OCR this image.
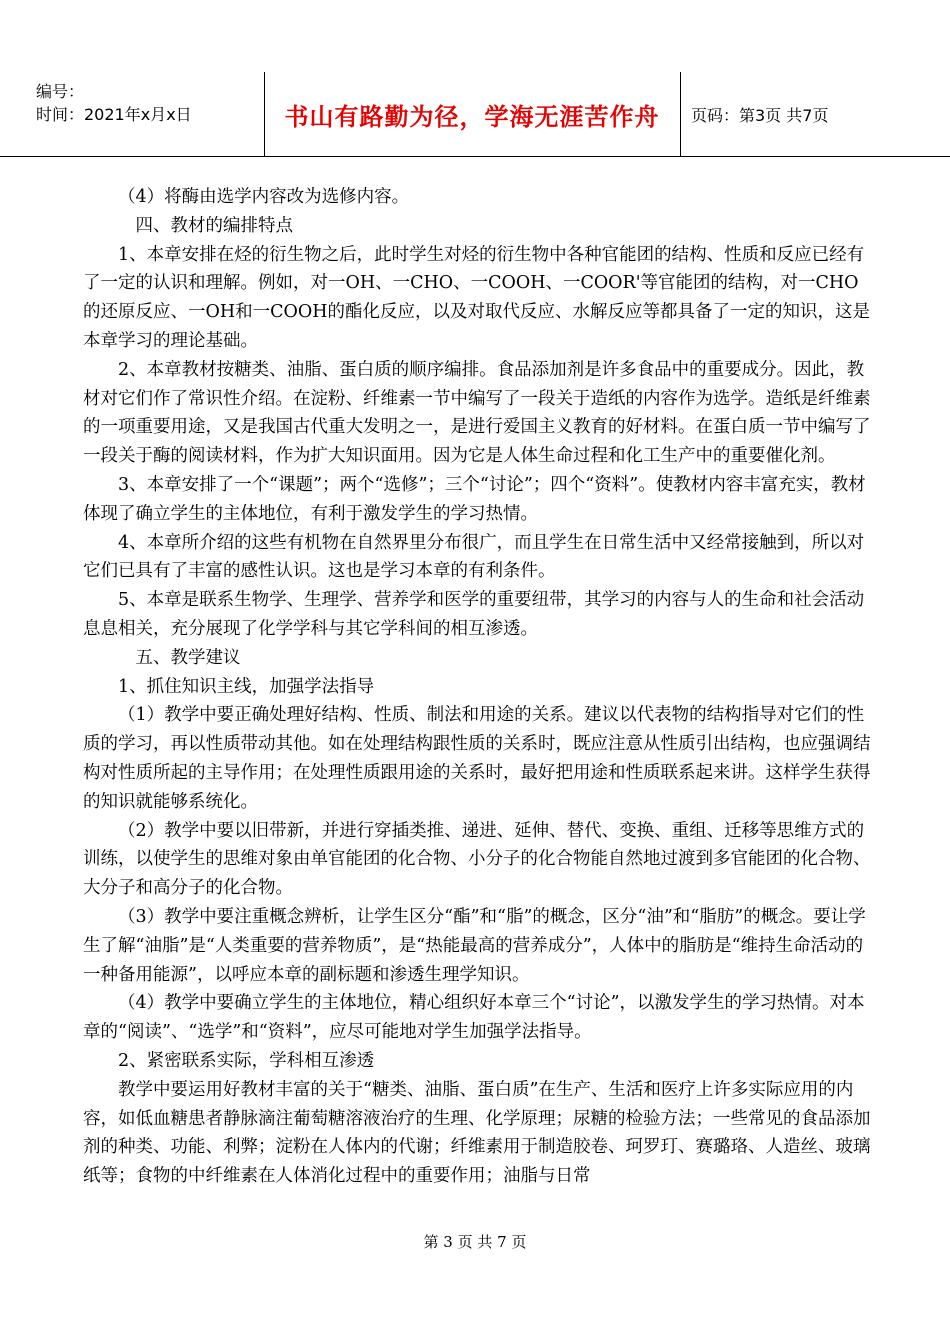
编号：
时间：2021年x月x日	书山有路勤为径，学海无涯苦作舟	页码：第3页 共7页

（4）将酶由选学内容改为选修内容。

四、教材的编排特点

1、本章安排在烃的衍生物之后，此时学生对烃的衍生物中各种官能团的结构、性质和反应已经有了一定的认识和理解。例如，对一OH、一CHO、一COOH、一COOR'等官能团的结构，对一CHO的还原反应、一OH和一COOH的酯化反应，以及对取代反应、水解反应等都具备了一定的知识，这是本章学习的理论基础。

2、本章教材按糖类、油脂、蛋白质的顺序编排。食品添加剂是许多食品中的重要成分。因此，教材对它们作了常识性介绍。在淀粉、纤维素一节中编写了一段关于造纸的内容作为选学。造纸是纤维素的一项重要用途，又是我国古代重大发明之一，是进行爱国主义教育的好材料。在蛋白质一节中编写了一段关于酶的阅读材料，作为扩大知识面用。因为它是人体生命过程和化工生产中的重要催化剂。

3、本章安排了一个“课题”；两个“选修”；三个“讨论”；四个“资料”。使教材内容丰富充实，教材体现了确立学生的主体地位，有利于激发学生的学习热情。

4、本章所介绍的这些有机物在自然界里分布很广，而且学生在日常生活中又经常接触到，所以对它们已具有了丰富的感性认识。这也是学习本章的有利条件。

5、本章是联系生物学、生理学、营养学和医学的重要纽带，其学习的内容与人的生命和社会活动息息相关，充分展现了化学学科与其它学科间的相互渗透。

五、教学建议

1、抓住知识主线，加强学法指导

（1）教学中要正确处理好结构、性质、制法和用途的关系。建议以代表物的结构指导对它们的性质的学习，再以性质带动其他。如在处理结构跟性质的关系时，既应注意从性质引出结构，也应强调结构对性质所起的主导作用；在处理性质跟用途的关系时，最好把用途和性质联系起来讲。这样学生获得的知识就能够系统化。

（2）教学中要以旧带新，并进行穿插类推、递进、延伸、替代、变换、重组、迁移等思维方式的训练，以使学生的思维对象由单官能团的化合物、小分子的化合物能自然地过渡到多官能团的化合物、大分子和高分子的化合物。

（3）教学中要注重概念辨析，让学生区分“酯”和“脂”的概念，区分“油”和“脂肪”的概念。要让学生了解“油脂”是“人类重要的营养物质”，是“热能最高的营养成分”，人体中的脂肪是“维持生命活动的一种备用能源”，以呼应本章的副标题和渗透生理学知识。

（4）教学中要确立学生的主体地位，精心组织好本章三个“讨论”，以激发学生的学习热情。对本章的“阅读”、“选学”和“资料”，应尽可能地对学生加强学法指导。

2、紧密联系实际，学科相互渗透

教学中要运用好教材丰富的关于“糖类、油脂、蛋白质”在生产、生活和医疗上许多实际应用的内容，如低血糖患者静脉滴注葡萄糖溶液治疗的生理、化学原理；尿糖的检验方法；一些常见的食品添加剂的种类、功能、利弊；淀粉在人体内的代谢；纤维素用于制造胶卷、珂罗玎、赛璐珞、人造丝、玻璃纸等；食物的中纤维素在人体消化过程中的重要作用；油脂与日常

第 3 页 共 7 页
